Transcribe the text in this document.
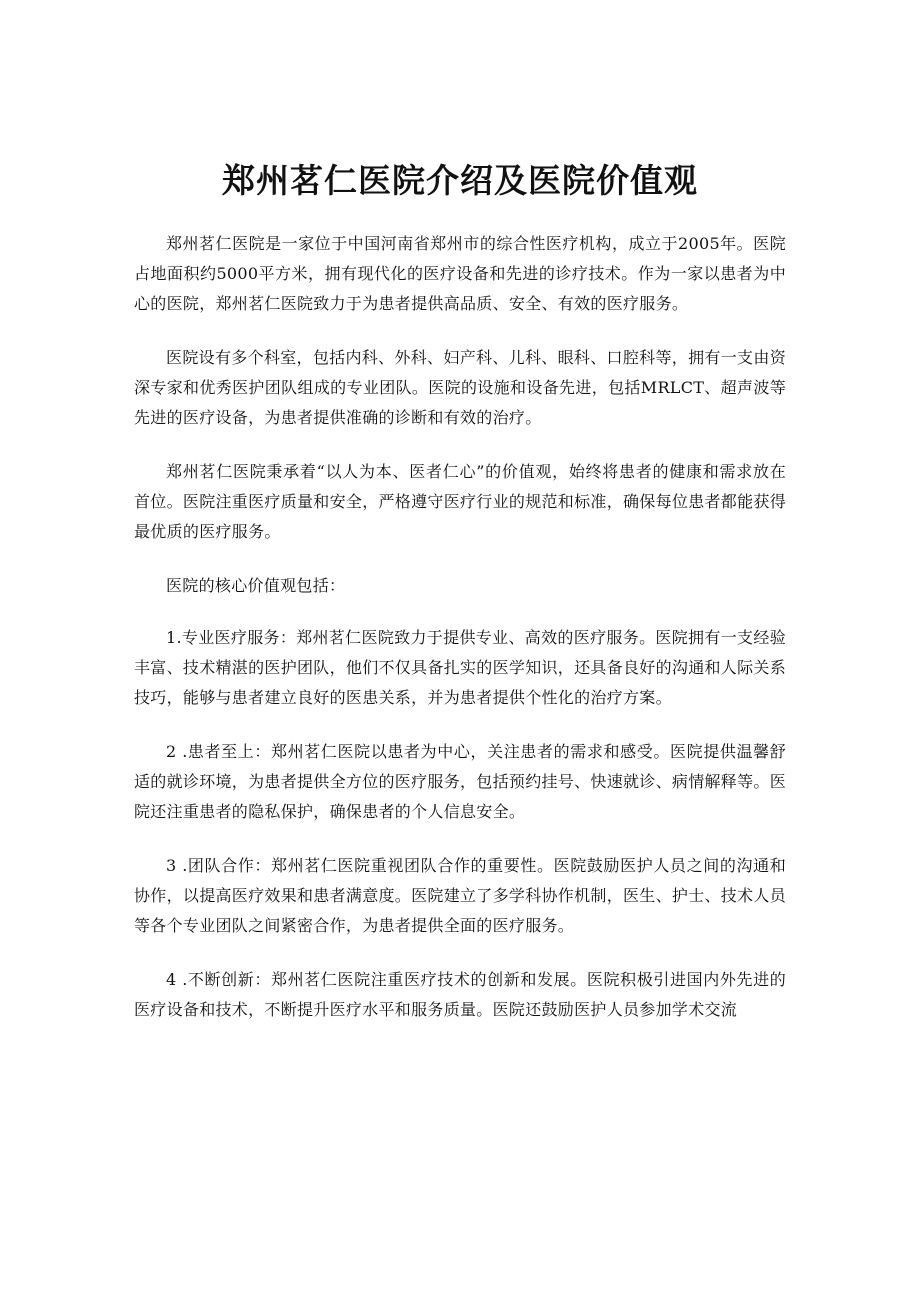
郑州茗仁医院介绍及医院价值观

郑州茗仁医院是一家位于中国河南省郑州市的综合性医疗机构，成立于2005年。医院占地面积约5000平方米，拥有现代化的医疗设备和先进的诊疗技术。作为一家以患者为中心的医院，郑州茗仁医院致力于为患者提供高品质、安全、有效的医疗服务。

医院设有多个科室，包括内科、外科、妇产科、儿科、眼科、口腔科等，拥有一支由资深专家和优秀医护团队组成的专业团队。医院的设施和设备先进，包括MRLCT、超声波等先进的医疗设备，为患者提供准确的诊断和有效的治疗。

郑州茗仁医院秉承着“以人为本、医者仁心”的价值观，始终将患者的健康和需求放在首位。医院注重医疗质量和安全，严格遵守医疗行业的规范和标准，确保每位患者都能获得最优质的医疗服务。

医院的核心价值观包括：

1.专业医疗服务：郑州茗仁医院致力于提供专业、高效的医疗服务。医院拥有一支经验丰富、技术精湛的医护团队，他们不仅具备扎实的医学知识，还具备良好的沟通和人际关系技巧，能够与患者建立良好的医患关系，并为患者提供个性化的治疗方案。

2 .患者至上：郑州茗仁医院以患者为中心，关注患者的需求和感受。医院提供温馨舒适的就诊环境，为患者提供全方位的医疗服务，包括预约挂号、快速就诊、病情解释等。医院还注重患者的隐私保护，确保患者的个人信息安全。

3 .团队合作：郑州茗仁医院重视团队合作的重要性。医院鼓励医护人员之间的沟通和协作，以提高医疗效果和患者满意度。医院建立了多学科协作机制，医生、护士、技术人员等各个专业团队之间紧密合作，为患者提供全面的医疗服务。

4 .不断创新：郑州茗仁医院注重医疗技术的创新和发展。医院积极引进国内外先进的医疗设备和技术，不断提升医疗水平和服务质量。医院还鼓励医护人员参加学术交流
